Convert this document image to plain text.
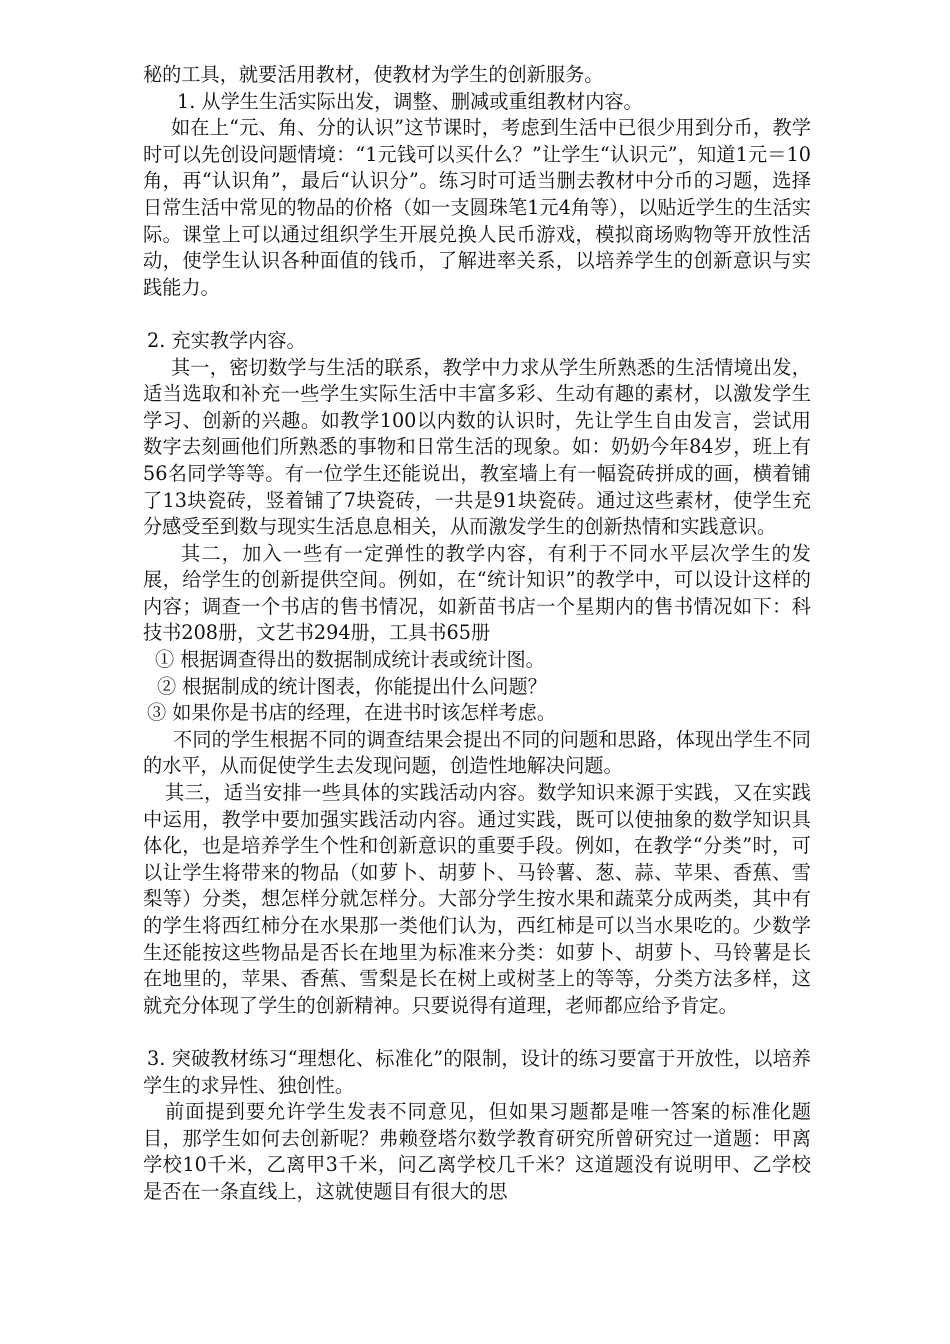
秘的工具，就要活用教材，使教材为学生的创新服务。

1. 从学生生活实际出发，调整、删减或重组教材内容。

如在上“元、角、分的认识”这节课时，考虑到生活中已很少用到分币，教学时可以先创设问题情境：“1元钱可以买什么？”让学生“认识元”，知道1元＝10角，再“认识角”，最后“认识分”。练习时可适当删去教材中分币的习题，选择日常生活中常见的物品的价格（如一支圆珠笔1元4角等），以贴近学生的生活实际。课堂上可以通过组织学生开展兑换人民币游戏，模拟商场购物等开放性活动，使学生认识各种面值的钱币，了解进率关系，以培养学生的创新意识与实践能力。

2. 充实教学内容。

其一，密切数学与生活的联系，教学中力求从学生所熟悉的生活情境出发，适当选取和补充一些学生实际生活中丰富多彩、生动有趣的素材，以激发学生学习、创新的兴趣。如教学100以内数的认识时，先让学生自由发言，尝试用数字去刻画他们所熟悉的事物和日常生活的现象。如：奶奶今年84岁，班上有56名同学等等。有一位学生还能说出，教室墙上有一幅瓷砖拼成的画，横着铺了13块瓷砖，竖着铺了7块瓷砖，一共是91块瓷砖。通过这些素材，使学生充分感受至到数与现实生活息息相关，从而激发学生的创新热情和实践意识。

其二，加入一些有一定弹性的教学内容，有利于不同水平层次学生的发展，给学生的创新提供空间。例如，在“统计知识”的教学中，可以设计这样的内容；调查一个书店的售书情况，如新苗书店一个星期内的售书情况如下：科技书208册，文艺书294册，工具书65册

① 根据调查得出的数据制成统计表或统计图。

② 根据制成的统计图表，你能提出什么问题？

③ 如果你是书店的经理，在进书时该怎样考虑。

不同的学生根据不同的调查结果会提出不同的问题和思路，体现出学生不同的水平，从而促使学生去发现问题，创造性地解决问题。

其三，适当安排一些具体的实践活动内容。数学知识来源于实践，又在实践中运用，教学中要加强实践活动内容。通过实践，既可以使抽象的数学知识具体化，也是培养学生个性和创新意识的重要手段。例如，在教学“分类”时，可以让学生将带来的物品（如萝卜、胡萝卜、马铃薯、葱、蒜、苹果、香蕉、雪梨等）分类，想怎样分就怎样分。大部分学生按水果和蔬菜分成两类，其中有的学生将西红柿分在水果那一类他们认为，西红柿是可以当水果吃的。少数学生还能按这些物品是否长在地里为标准来分类：如萝卜、胡萝卜、马铃薯是长在地里的，苹果、香蕉、雪梨是长在树上或树茎上的等等，分类方法多样，这就充分体现了学生的创新精神。只要说得有道理，老师都应给予肯定。

3. 突破教材练习“理想化、标准化”的限制，设计的练习要富于开放性，以培养学生的求异性、独创性。

前面提到要允许学生发表不同意见，但如果习题都是唯一答案的标准化题目，那学生如何去创新呢？弗赖登塔尔数学教育研究所曾研究过一道题：甲离学校10千米，乙离甲3千米，问乙离学校几千米？这道题没有说明甲、乙学校是否在一条直线上，这就使题目有很大的思
